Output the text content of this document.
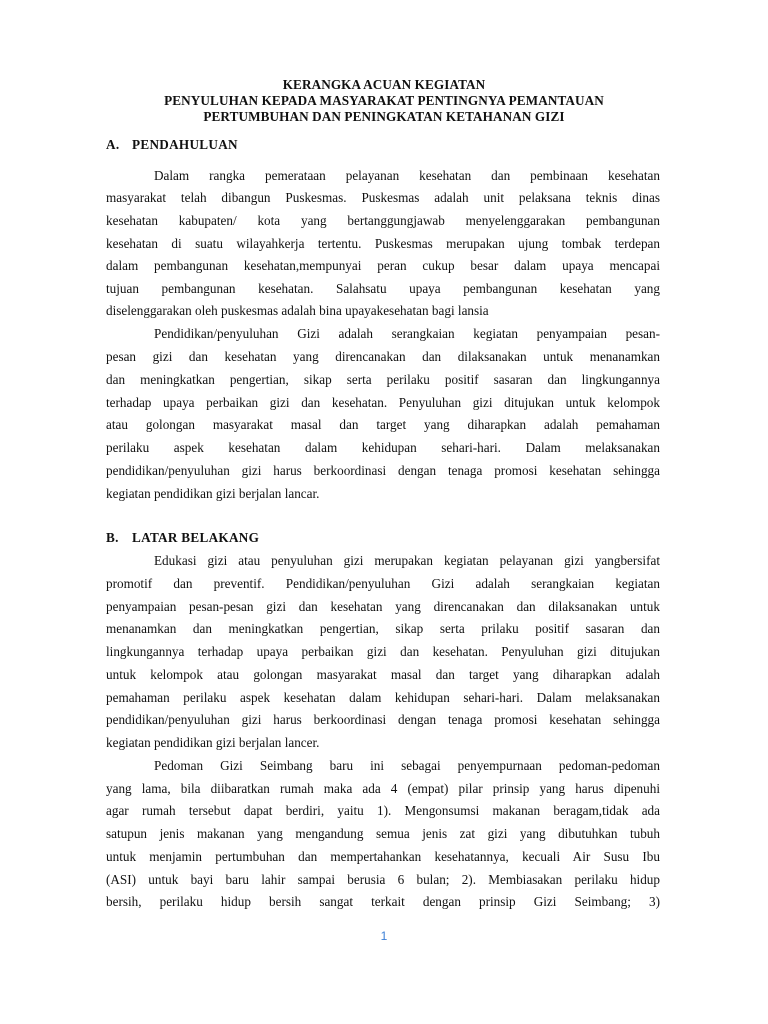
KERANGKA ACUAN KEGIATAN
PENYULUHAN KEPADA MASYARAKAT PENTINGNYA PEMANTAUAN
PERTUMBUHAN DAN PENINGKATAN KETAHANAN GIZI
A. PENDAHULUAN
Dalam rangka pemerataan pelayanan kesehatan dan pembinaan kesehatan
masyarakat telah dibangun Puskesmas. Puskesmas adalah unit pelaksana teknis dinas
kesehatan kabupaten/ kota yang bertanggungjawab menyelenggarakan pembangunan
kesehatan di suatu wilayahkerja tertentu. Puskesmas merupakan ujung tombak terdepan
dalam pembangunan kesehatan,mempunyai peran cukup besar dalam upaya mencapai
tujuan pembangunan kesehatan. Salahsatu upaya pembangunan kesehatan yang
diselenggarakan oleh puskesmas adalah bina upayakesehatan bagi lansia
Pendidikan/penyuluhan Gizi adalah serangkaian kegiatan penyampaian pesan-
pesan gizi dan kesehatan yang direncanakan dan dilaksanakan untuk menanamkan
dan meningkatkan pengertian, sikap serta perilaku positif sasaran dan lingkungannya
terhadap upaya perbaikan gizi dan kesehatan. Penyuluhan gizi ditujukan untuk kelompok
atau golongan masyarakat masal dan target yang diharapkan adalah pemahaman
perilaku aspek kesehatan dalam kehidupan sehari-hari. Dalam melaksanakan
pendidikan/penyuluhan gizi harus berkoordinasi dengan tenaga promosi kesehatan sehingga
kegiatan pendidikan gizi berjalan lancar.
B. LATAR BELAKANG
Edukasi gizi atau penyuluhan gizi merupakan kegiatan pelayanan gizi yangbersifat
promotif dan preventif. Pendidikan/penyuluhan Gizi adalah serangkaian kegiatan
penyampaian pesan-pesan gizi dan kesehatan yang direncanakan dan dilaksanakan untuk
menanamkan dan meningkatkan pengertian, sikap serta prilaku positif sasaran dan
lingkungannya terhadap upaya perbaikan gizi dan kesehatan. Penyuluhan gizi ditujukan
untuk kelompok atau golongan masyarakat masal dan target yang diharapkan adalah
pemahaman perilaku aspek kesehatan dalam kehidupan sehari-hari. Dalam melaksanakan
pendidikan/penyuluhan gizi harus berkoordinasi dengan tenaga promosi kesehatan sehingga
kegiatan pendidikan gizi berjalan lancer.
Pedoman Gizi Seimbang baru ini sebagai penyempurnaan pedoman-pedoman
yang lama, bila diibaratkan rumah maka ada 4 (empat) pilar prinsip yang harus dipenuhi
agar rumah tersebut dapat berdiri, yaitu 1). Mengonsumsi makanan beragam,tidak ada
satupun jenis makanan yang mengandung semua jenis zat gizi yang dibutuhkan tubuh
untuk menjamin pertumbuhan dan mempertahankan kesehatannya, kecuali Air Susu Ibu
(ASI) untuk bayi baru lahir sampai berusia 6 bulan; 2). Membiasakan perilaku hidup
bersih, perilaku hidup bersih sangat terkait dengan prinsip Gizi Seimbang; 3)
1
